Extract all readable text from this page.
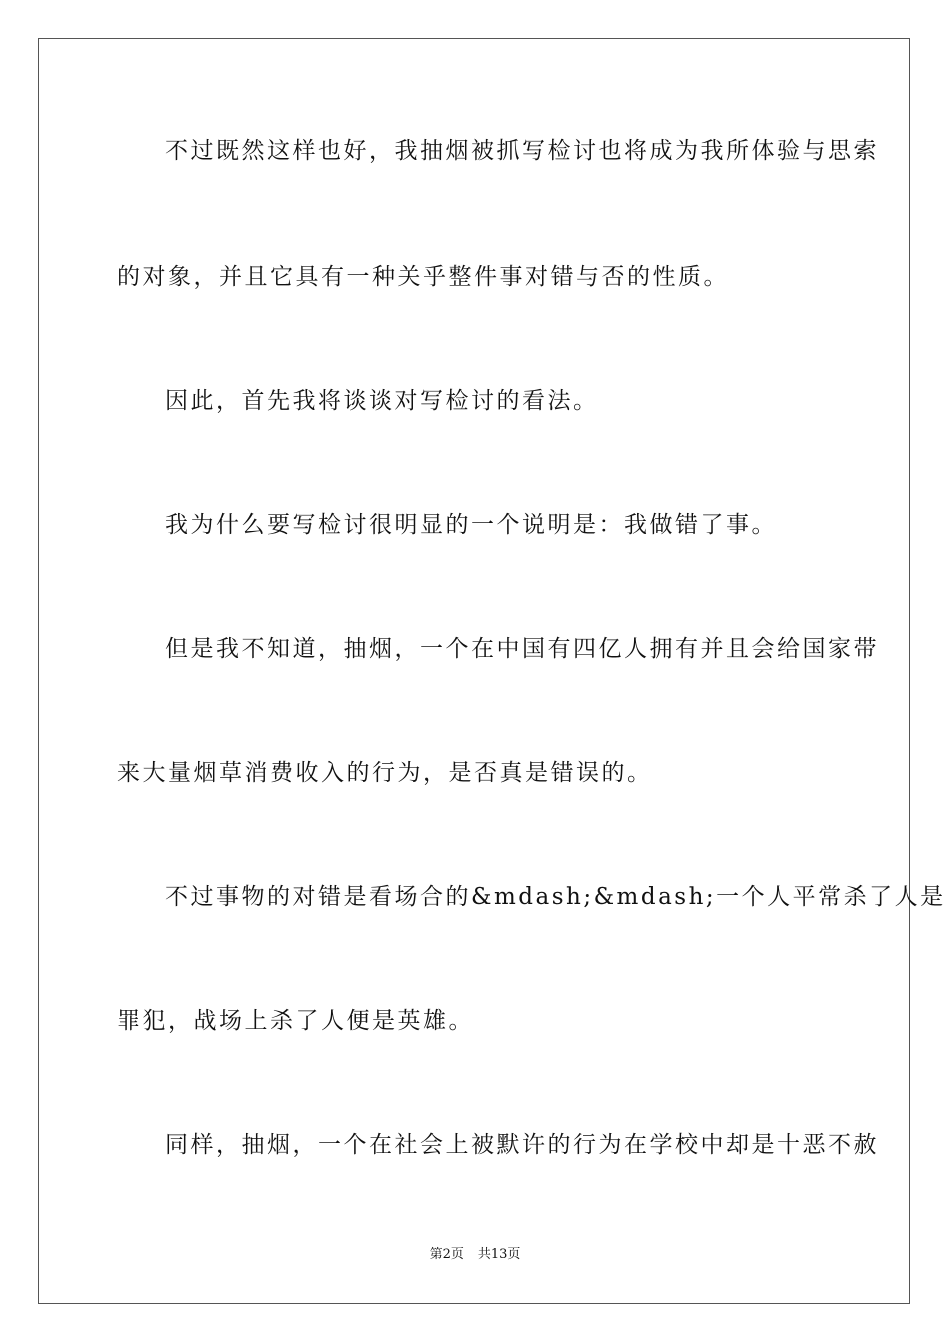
不过既然这样也好，我抽烟被抓写检讨也将成为我所体验与思索
的对象，并且它具有一种关乎整件事对错与否的性质。
因此，首先我将谈谈对写检讨的看法。
我为什么要写检讨很明显的一个说明是：我做错了事。
但是我不知道，抽烟，一个在中国有四亿人拥有并且会给国家带
来大量烟草消费收入的行为，是否真是错误的。
不过事物的对错是看场合的&mdash;&mdash;一个人平常杀了人是
罪犯，战场上杀了人便是英雄。
同样，抽烟，一个在社会上被默许的行为在学校中却是十恶不赦
第2页 共13页
